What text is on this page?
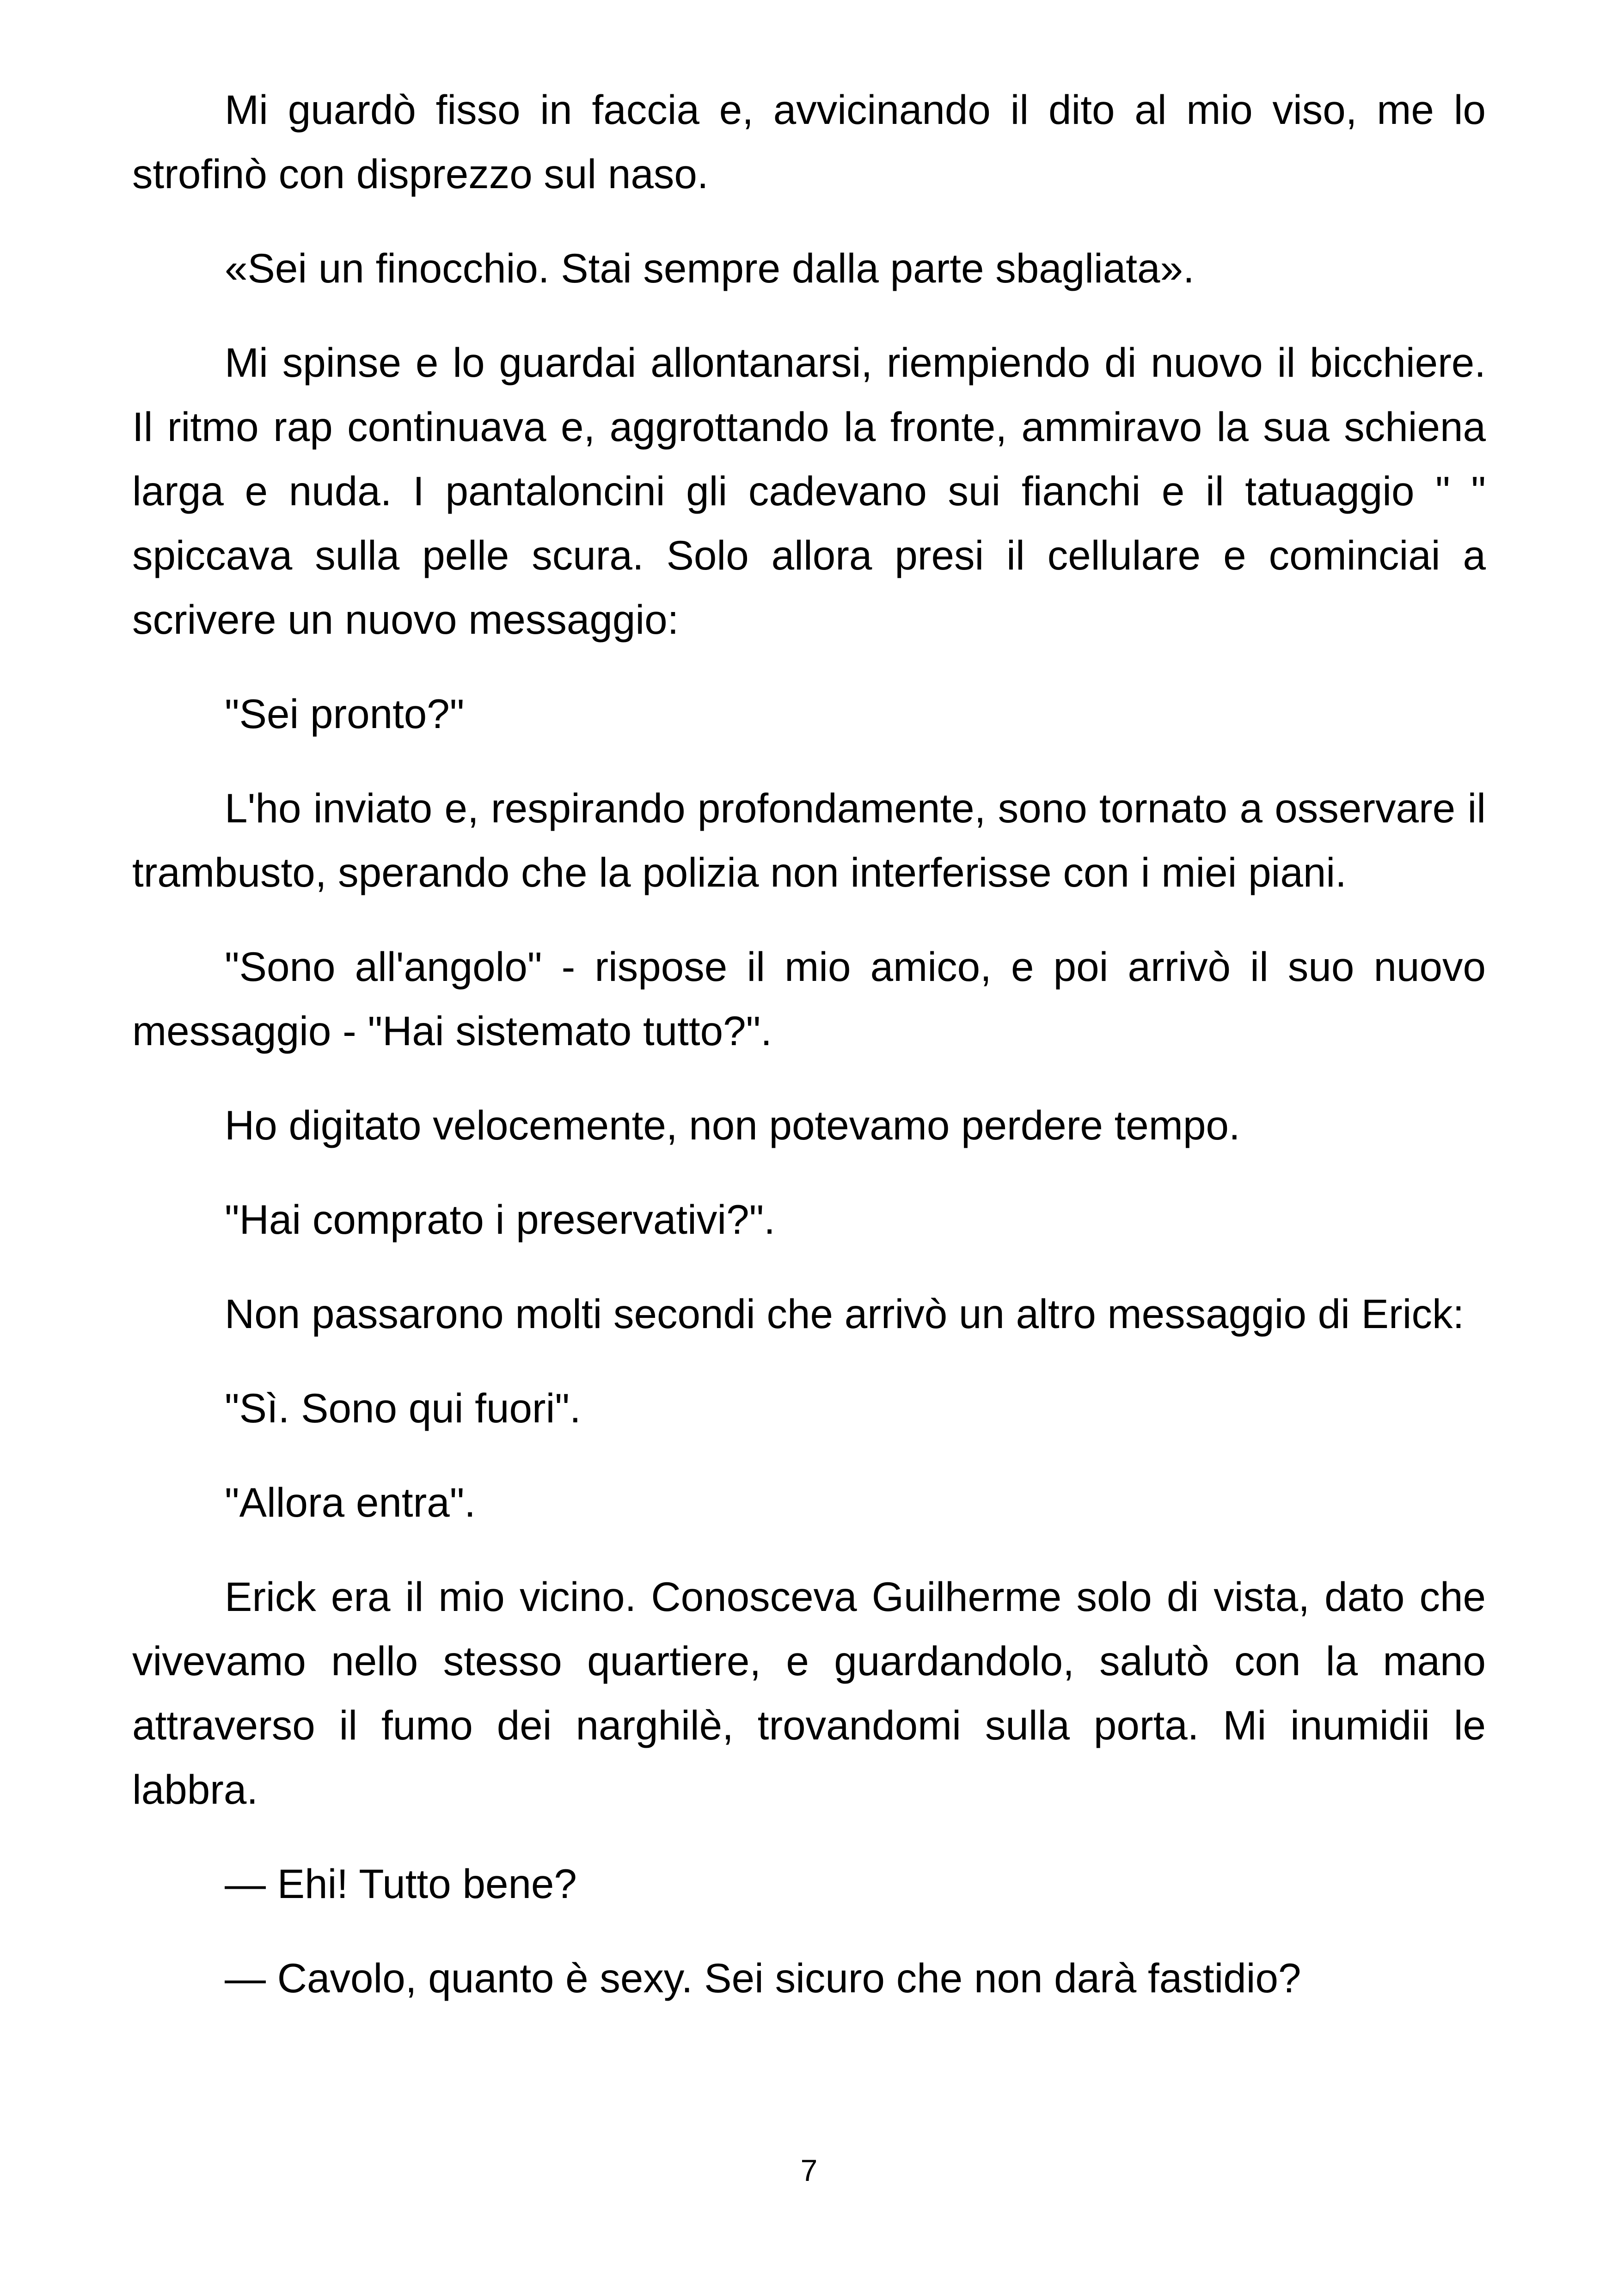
Mi guardò fisso in faccia e, avvicinando il dito al mio viso, me lo strofinò con disprezzo sul naso.

«Sei un finocchio. Stai sempre dalla parte sbagliata».

Mi spinse e lo guardai allontanarsi, riempiendo di nuovo il bicchiere. Il ritmo rap continuava e, aggrottando la fronte, ammiravo la sua schiena larga e nuda. I pantaloncini gli cadevano sui fianchi e il tatuaggio " " spiccava sulla pelle scura. Solo allora presi il cellulare e cominciai a scrivere un nuovo messaggio:

"Sei pronto?"

L'ho inviato e, respirando profondamente, sono tornato a osservare il trambusto, sperando che la polizia non interferisse con i miei piani.

"Sono all'angolo" - rispose il mio amico, e poi arrivò il suo nuovo messaggio - "Hai sistemato tutto?".

Ho digitato velocemente, non potevamo perdere tempo.

"Hai comprato i preservativi?".

Non passarono molti secondi che arrivò un altro messaggio di Erick:

"Sì. Sono qui fuori".

"Allora entra".

Erick era il mio vicino. Conosceva Guilherme solo di vista, dato che vivevamo nello stesso quartiere, e guardandolo, salutò con la mano attraverso il fumo dei narghilè, trovandomi sulla porta. Mi inumidii le labbra.

— Ehi! Tutto bene?

— Cavolo, quanto è sexy. Sei sicuro che non darà fastidio?

7
